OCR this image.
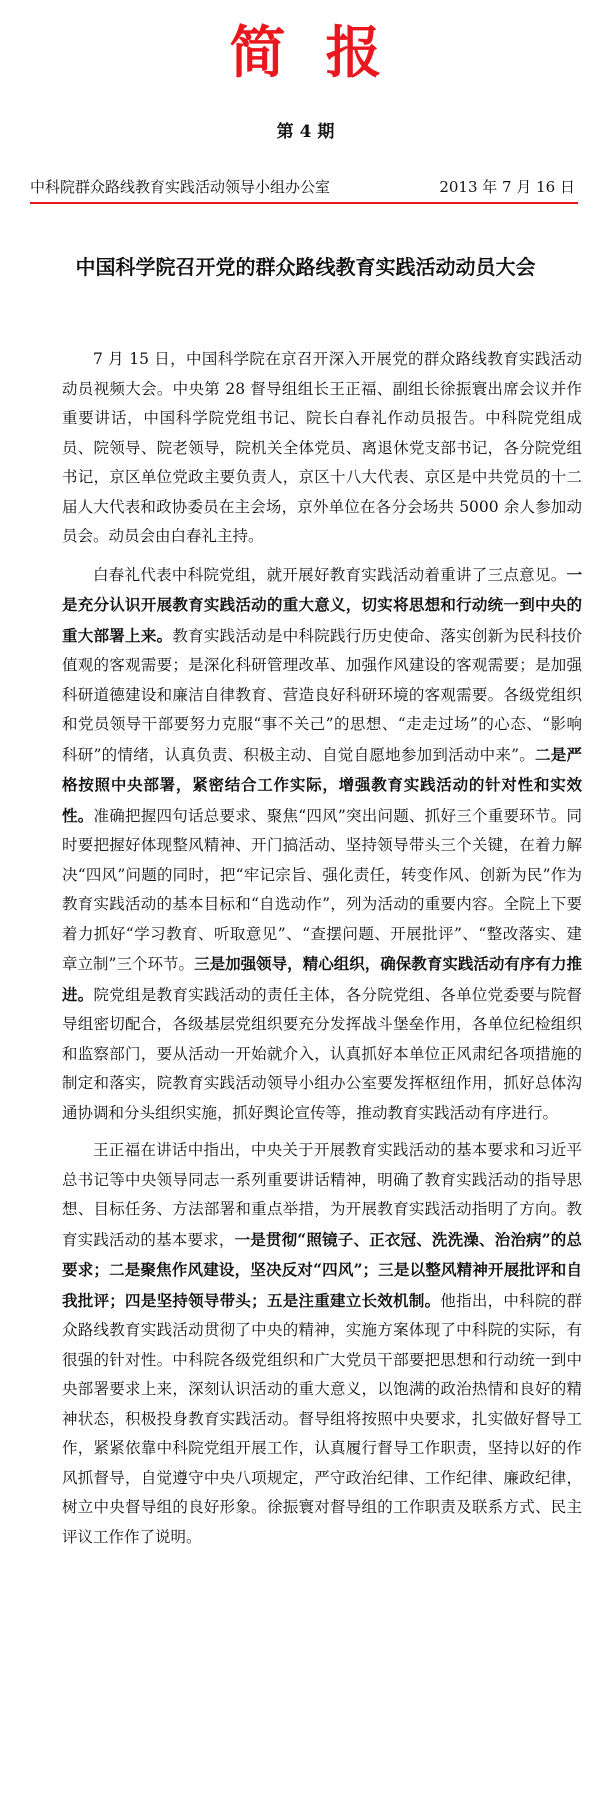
简报
第 4 期
中科院群众路线教育实践活动领导小组办公室	2013 年 7 月 16 日
中国科学院召开党的群众路线教育实践活动动员大会

7 月 15 日，中国科学院在京召开深入开展党的群众路线教育实践活动动员视频大会。中央第 28 督导组组长王正福、副组长徐振寰出席会议并作重要讲话，中国科学院党组书记、院长白春礼作动员报告。中科院党组成员、院领导、院老领导，院机关全体党员、离退休党支部书记，各分院党组书记，京区单位党政主要负责人，京区十八大代表、京区是中共党员的十二届人大代表和政协委员在主会场，京外单位在各分会场共 5000 余人参加动员会。动员会由白春礼主持。

白春礼代表中科院党组，就开展好教育实践活动着重讲了三点意见。一是充分认识开展教育实践活动的重大意义，切实将思想和行动统一到中央的重大部署上来。教育实践活动是中科院践行历史使命、落实创新为民科技价值观的客观需要；是深化科研管理改革、加强作风建设的客观需要；是加强科研道德建设和廉洁自律教育、营造良好科研环境的客观需要。各级党组织和党员领导干部要努力克服“事不关己”的思想、“走走过场”的心态、“影响科研”的情绪，认真负责、积极主动、自觉自愿地参加到活动中来”。二是严格按照中央部署，紧密结合工作实际，增强教育实践活动的针对性和实效性。准确把握四句话总要求、聚焦“四风”突出问题、抓好三个重要环节。同时要把握好体现整风精神、开门搞活动、坚持领导带头三个关键，在着力解决“四风”问题的同时，把“牢记宗旨、强化责任，转变作风、创新为民”作为教育实践活动的基本目标和“自选动作”，列为活动的重要内容。全院上下要着力抓好“学习教育、听取意见”、“查摆问题、开展批评”、“整改落实、建章立制”三个环节。三是加强领导，精心组织，确保教育实践活动有序有力推进。院党组是教育实践活动的责任主体，各分院党组、各单位党委要与院督导组密切配合，各级基层党组织要充分发挥战斗堡垒作用，各单位纪检组织和监察部门，要从活动一开始就介入，认真抓好本单位正风肃纪各项措施的制定和落实，院教育实践活动领导小组办公室要发挥枢纽作用，抓好总体沟通协调和分头组织实施，抓好舆论宣传等，推动教育实践活动有序进行。

王正福在讲话中指出，中央关于开展教育实践活动的基本要求和习近平总书记等中央领导同志一系列重要讲话精神，明确了教育实践活动的指导思想、目标任务、方法部署和重点举措，为开展教育实践活动指明了方向。教育实践活动的基本要求，一是贯彻“照镜子、正衣冠、洗洗澡、治治病”的总要求；二是聚焦作风建设，坚决反对“四风”；三是以整风精神开展批评和自我批评；四是坚持领导带头；五是注重建立长效机制。他指出，中科院的群众路线教育实践活动贯彻了中央的精神，实施方案体现了中科院的实际，有很强的针对性。中科院各级党组织和广大党员干部要把思想和行动统一到中央部署要求上来，深刻认识活动的重大意义，以饱满的政治热情和良好的精神状态，积极投身教育实践活动。督导组将按照中央要求，扎实做好督导工作，紧紧依靠中科院党组开展工作，认真履行督导工作职责，坚持以好的作风抓督导，自觉遵守中央八项规定，严守政治纪律、工作纪律、廉政纪律，树立中央督导组的良好形象。徐振寰对督导组的工作职责及联系方式、民主评议工作作了说明。
